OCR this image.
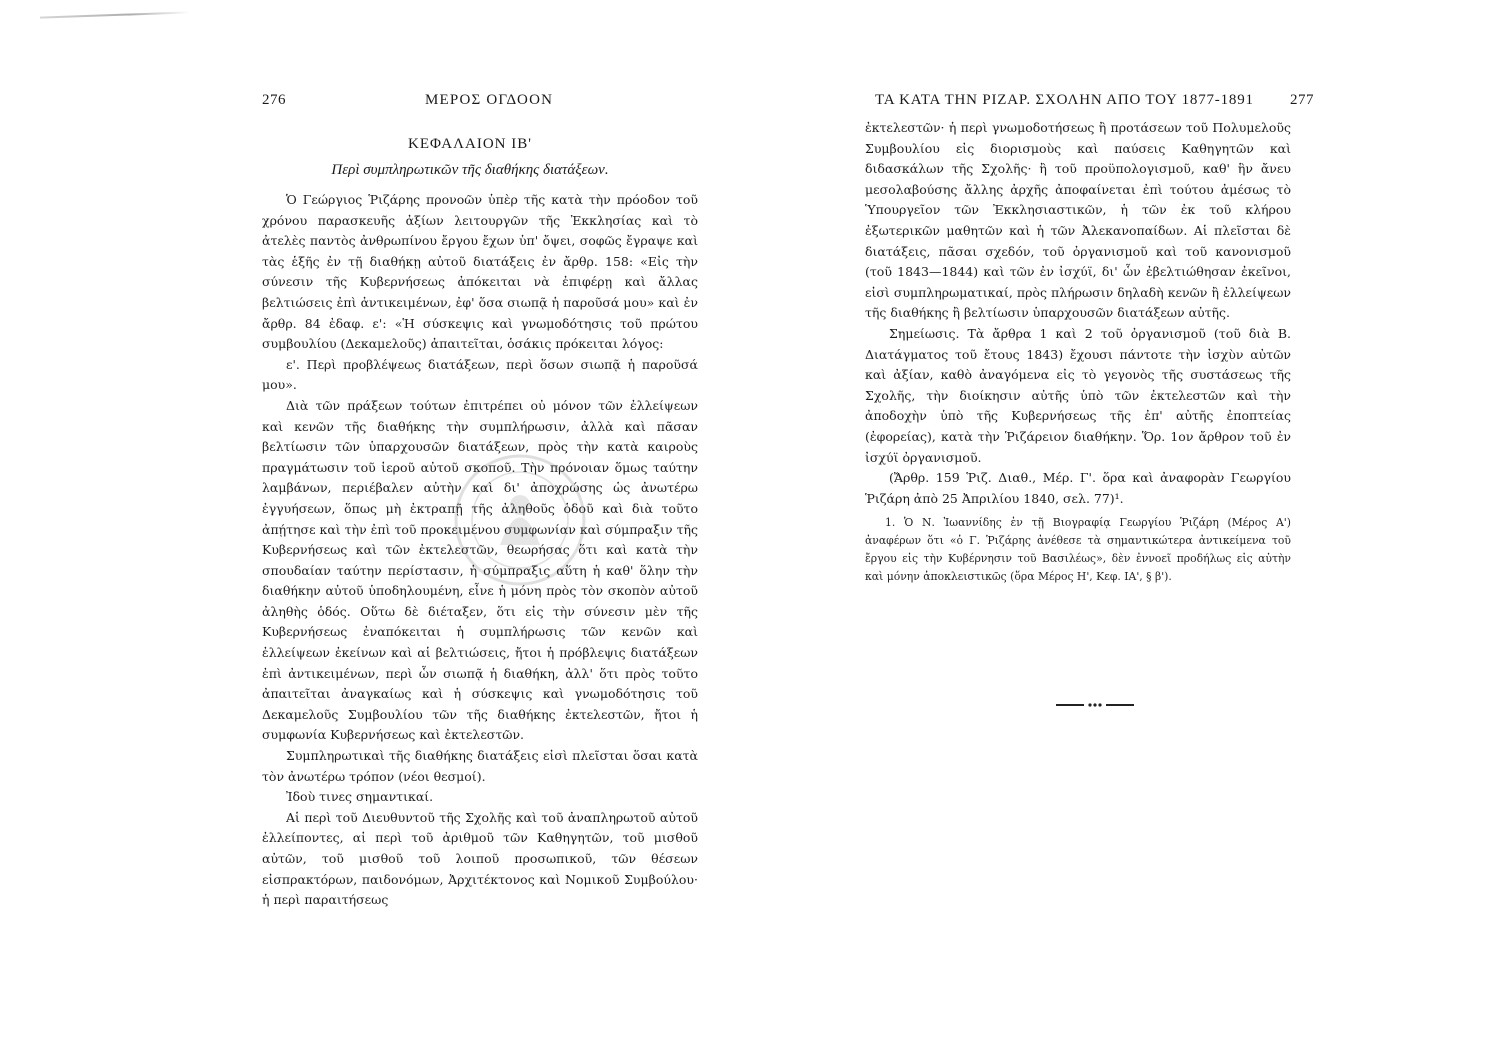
276	ΜΕΡΟΣ ΟΓΔΟΟΝ
ΚΕΦΑΛΑΙΟΝ ΙΒ'
Περὶ συμπληρωτικῶν τῆς διαθήκης διατάξεων.

Ὁ Γεώργιος Ῥιζάρης προνοῶν ὑπὲρ τῆς κατὰ τὴν πρόοδον τοῦ χρόνου παρασκευῆς ἀξίων λειτουργῶν τῆς Ἐκκλησίας καὶ τὸ ἀτελὲς παντὸς ἀνθρωπίνου ἔργου ἔχων ὑπ' ὄψει, σοφῶς ἔγραψε καὶ τὰς ἑξῆς ἐν τῇ διαθήκῃ αὐτοῦ διατάξεις ἐν ἄρθρ. 158: «Εἰς τὴν σύνεσιν τῆς Κυβερνήσεως ἀπόκειται νὰ ἐπιφέρῃ καὶ ἄλλας βελτιώσεις ἐπὶ ἀντικειμένων, ἐφ' ὅσα σιωπᾷ ἡ παροῦσά μου» καὶ ἐν ἄρθρ. 84 ἐδαφ. ε': «Ἡ σύσκεψις καὶ γνωμοδότησις τοῦ πρώτου συμβουλίου (Δεκαμελοῦς) ἀπαιτεῖται, ὁσάκις πρόκειται λόγος:

ε'. Περὶ προβλέψεως διατάξεων, περὶ ὅσων σιωπᾷ ἡ παροῦσά μου».

Διὰ τῶν πράξεων τούτων ἐπιτρέπει οὐ μόνον τῶν ἐλλείψεων καὶ κενῶν τῆς διαθήκης τὴν συμπλήρωσιν, ἀλλὰ καὶ πᾶσαν βελτίωσιν τῶν ὑπαρχουσῶν διατάξεων, πρὸς τὴν κατὰ καιροὺς πραγμάτωσιν τοῦ ἱεροῦ αὐτοῦ σκοποῦ. Τὴν πρόνοιαν ὅμως ταύτην λαμβάνων, περιέβαλεν αὐτὴν καὶ δι' ἀποχρώσης ὡς ἀνωτέρω ἐγγυήσεων, ὅπως μὴ ἐκτραπῇ τῆς ἀληθοῦς ὁδοῦ καὶ διὰ τοῦτο ἀπῄτησε καὶ τὴν ἐπὶ τοῦ προκειμένου συμφωνίαν καὶ σύμπραξιν τῆς Κυβερνήσεως καὶ τῶν ἐκτελεστῶν, θεωρήσας ὅτι καὶ κατὰ τὴν σπουδαίαν ταύτην περίστασιν, ἡ σύμπραξις αὕτη ἡ καθ' ὅλην τὴν διαθήκην αὐτοῦ ὑποδηλουμένη, εἶνε ἡ μόνη πρὸς τὸν σκοπὸν αὐτοῦ ἀληθὴς ὁδός. Οὕτω δὲ διέταξεν, ὅτι εἰς τὴν σύνεσιν μὲν τῆς Κυβερνήσεως ἐναπόκειται ἡ συμπλήρωσις τῶν κενῶν καὶ ἐλλείψεων ἐκείνων καὶ αἱ βελτιώσεις, ἤτοι ἡ πρόβλεψις διατάξεων ἐπὶ ἀντικειμένων, περὶ ὧν σιωπᾷ ἡ διαθήκη, ἀλλ' ὅτι πρὸς τοῦτο ἀπαιτεῖται ἀναγκαίως καὶ ἡ σύσκεψις καὶ γνωμοδότησις τοῦ Δεκαμελοῦς Συμβουλίου τῶν τῆς διαθήκης ἐκτελεστῶν, ἤτοι ἡ συμφωνία Κυβερνήσεως καὶ ἐκτελεστῶν.

Συμπληρωτικαὶ τῆς διαθήκης διατάξεις εἰσὶ πλεῖσται ὅσαι κατὰ τὸν ἀνωτέρω τρόπον (νέοι θεσμοί).

Ἰδοὺ τινες σημαντικαί.

Αἱ περὶ τοῦ Διευθυντοῦ τῆς Σχολῆς καὶ τοῦ ἀναπληρωτοῦ αὐτοῦ ἐλλείποντες, αἱ περὶ τοῦ ἀριθμοῦ τῶν Καθηγητῶν, τοῦ μισθοῦ αὐτῶν, τοῦ μισθοῦ τοῦ λοιποῦ προσωπικοῦ, τῶν θέσεων εἰσπρακτόρων, παιδονόμων, Ἀρχιτέκτονος καὶ Νομικοῦ Συμβούλου· ἡ περὶ παραιτήσεως

ΤΑ ΚΑΤΑ ΤΗΝ ΡΙΖΑΡ. ΣΧΟΛΗΝ ΑΠΟ ΤΟΥ 1877-1891 277

ἐκτελεστῶν· ἡ περὶ γνωμοδοτήσεως ἢ προτάσεων τοῦ Πολυμελοῦς Συμβουλίου εἰς διορισμοὺς καὶ παύσεις Καθηγητῶν καὶ διδασκάλων τῆς Σχολῆς· ἢ τοῦ προϋπολογισμοῦ, καθ' ἣν ἄνευ μεσολαβούσης ἄλλης ἀρχῆς ἀποφαίνεται ἐπὶ τούτου ἀμέσως τὸ Ὑπουργεῖον τῶν Ἐκκλησιαστικῶν, ἡ τῶν ἐκ τοῦ κλήρου ἐξωτερικῶν μαθητῶν καὶ ἡ τῶν Ἀλεκανοπαίδων. Αἱ πλεῖσται δὲ διατάξεις, πᾶσαι σχεδόν, τοῦ ὀργανισμοῦ καὶ τοῦ κανονισμοῦ (τοῦ 1843—1844) καὶ τῶν ἐν ἰσχύϊ, δι' ὧν ἐβελτιώθησαν ἐκεῖνοι, εἰσὶ συμπληρωματικαί, πρὸς πλήρωσιν δηλαδὴ κενῶν ἢ ἐλλείψεων τῆς διαθήκης ἢ βελτίωσιν ὑπαρχουσῶν διατάξεων αὐτῆς.

Σημείωσις. Τὰ ἄρθρα 1 καὶ 2 τοῦ ὀργανισμοῦ (τοῦ διὰ Β. Διατάγματος τοῦ ἔτους 1843) ἔχουσι πάντοτε τὴν ἰσχὺν αὐτῶν καὶ ἀξίαν, καθὸ ἀναγόμενα εἰς τὸ γεγονὸς τῆς συστάσεως τῆς Σχολῆς, τὴν διοίκησιν αὐτῆς ὑπὸ τῶν ἐκτελεστῶν καὶ τὴν ἀποδοχὴν ὑπὸ τῆς Κυβερνήσεως τῆς ἐπ' αὐτῆς ἐποπτείας (ἐφορείας), κατὰ τὴν Ῥιζάρειον διαθήκην. Ὅρ. 1ον ἄρθρον τοῦ ἐν ἰσχύϊ ὀργανισμοῦ.

(Ἄρθρ. 159 Ῥιζ. Διαθ., Μέρ. Γ'. ὅρα καὶ ἀναφορὰν Γεωργίου Ῥιζάρη ἀπὸ 25 Ἀπριλίου 1840, σελ. 77)¹.

1. Ὁ Ν. Ἰωαννίδης ἐν τῇ Βιογραφίᾳ Γεωργίου Ῥιζάρη (Μέρος Α') ἀναφέρων ὅτι «ὁ Γ. Ῥιζάρης ἀνέθεσε τὰ σημαντικώτερα ἀντικείμενα τοῦ ἔργου εἰς τὴν Κυβέρνησιν τοῦ Βασιλέως», δὲν ἐννοεῖ προδήλως εἰς αὐτὴν καὶ μόνην ἀποκλειστικῶς (ὅρα Μέρος Η', Κεφ. ΙΑ', § β').
